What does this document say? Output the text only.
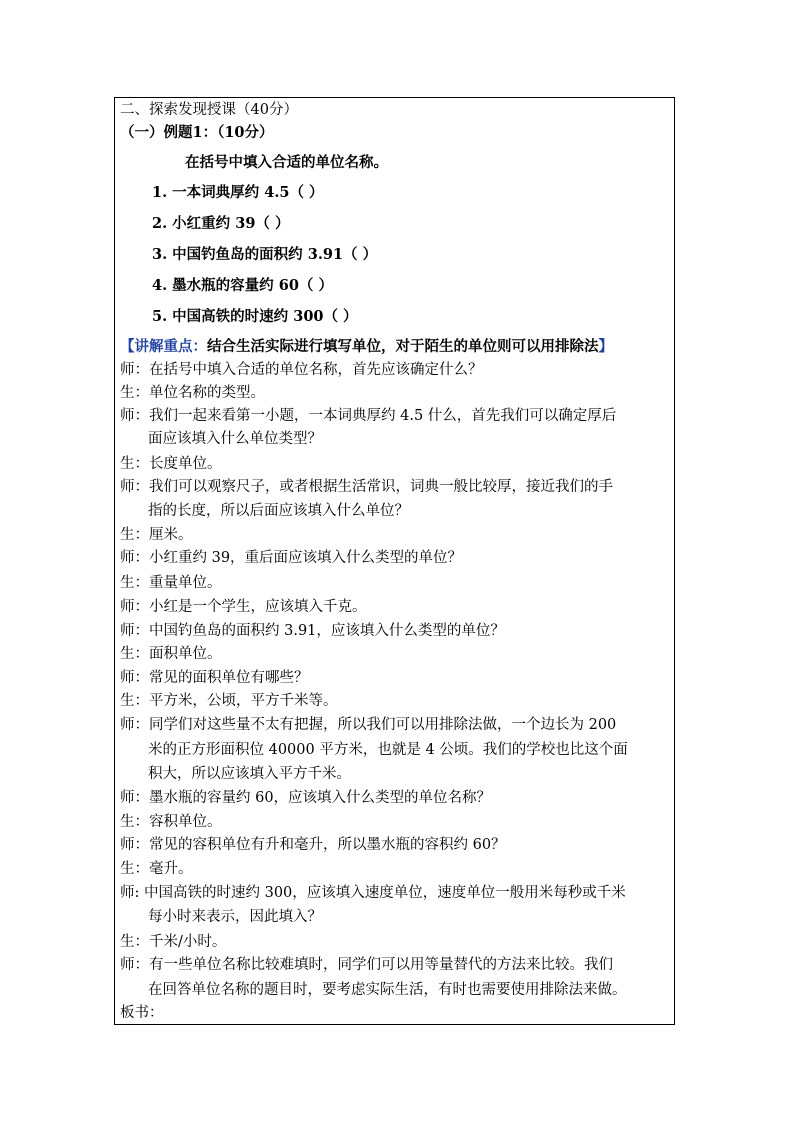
二、探索发现授课（40分）
（一）例题1：（10分）
在括号中填入合适的单位名称。
1. 一本词典厚约 4.5（ ）
2. 小红重约 39（ ）
3. 中国钓鱼岛的面积约 3.91（ ）
4. 墨水瓶的容量约 60（ ）
5. 中国高铁的时速约 300（ ）
【讲解重点：结合生活实际进行填写单位，对于陌生的单位则可以用排除法】
师：在括号中填入合适的单位名称，首先应该确定什么？
生：单位名称的类型。
师：我们一起来看第一小题，一本词典厚约 4.5 什么，首先我们可以确定厚后
面应该填入什么单位类型？
生：长度单位。
师：我们可以观察尺子，或者根据生活常识，词典一般比较厚，接近我们的手
指的长度，所以后面应该填入什么单位？
生：厘米。
师：小红重约 39，重后面应该填入什么类型的单位？
生：重量单位。
师：小红是一个学生，应该填入千克。
师：中国钓鱼岛的面积约 3.91，应该填入什么类型的单位？
生：面积单位。
师：常见的面积单位有哪些？
生：平方米，公顷，平方千米等。
师：同学们对这些量不太有把握，所以我们可以用排除法做，一个边长为 200
米的正方形面积位 40000 平方米，也就是 4 公顷。我们的学校也比这个面
积大，所以应该填入平方千米。
师：墨水瓶的容量约 60，应该填入什么类型的单位名称？
生：容积单位。
师：常见的容积单位有升和毫升，所以墨水瓶的容积约 60？
生：毫升。
师: 中国高铁的时速约 300，应该填入速度单位，速度单位一般用米每秒或千米
每小时来表示，因此填入？
生：千米/小时。
师：有一些单位名称比较难填时，同学们可以用等量替代的方法来比较。我们
在回答单位名称的题目时，要考虑实际生活，有时也需要使用排除法来做。
板书：
